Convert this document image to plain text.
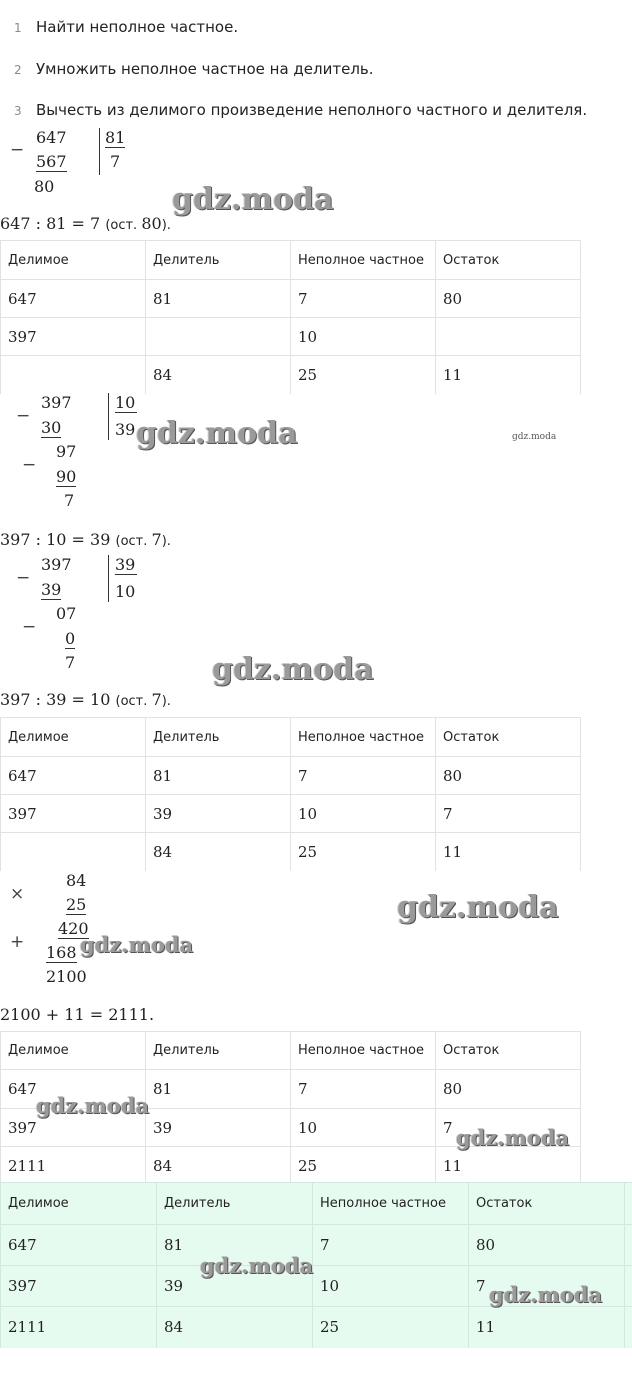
1 Найти неполное частное.
2 Умножить неполное частное на делитель.
3 Вычесть из делимого произведение неполного частного и делителя.
−
647
567
80
81
7
gdz.moda
647 : 81 = 7 (ост. 80).
Делимое	Делитель	Неполное частное	Остаток
647	81	7	80
397		10	
	84	25	11
−
397
30
−
97
90
7
10
39 gdz.moda	gdz.moda
397 : 10 = 39 (ост. 7).
−
397
39
−
07
0
7
39
10
gdz.moda
397 : 39 = 10 (ост. 7).
Делимое	Делитель	Неполное частное	Остаток
647	81	7	80
397	39	10	7
	84	25	11
×
84
25
420
+
168
2100
gdz.moda
gdz.moda
2100 + 11 = 2111.
Делимое	Делитель	Неполное частное	Остаток
647	81	7	80
397	39	10	7
2111	84	25	11
gdz.moda
gdz.moda
Делимое	Делитель	Неполное частное	Остаток	
647	81	7	80	
397	39	10	7	
2111	84	25	11	
gdz.moda
gdz.moda
